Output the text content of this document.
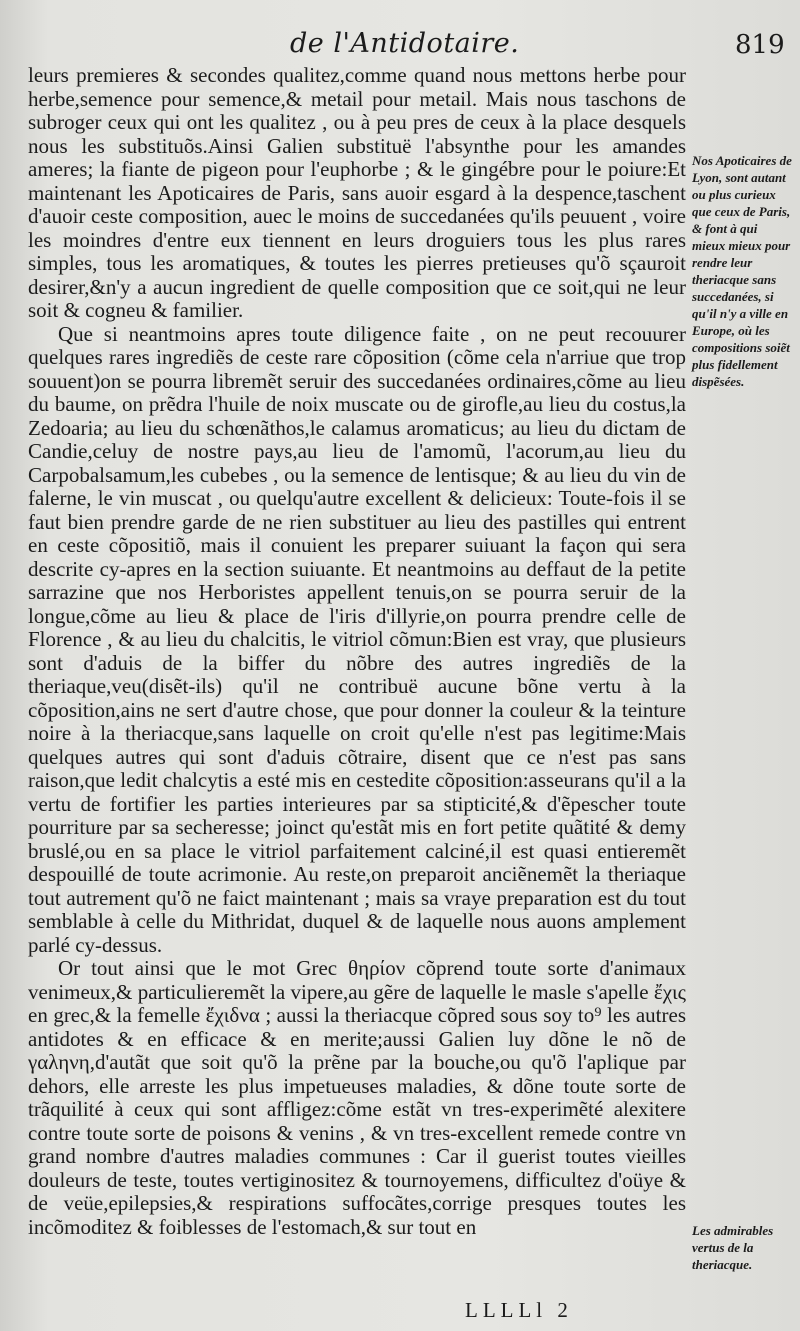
de l'Antidotaire.	819

leurs premieres & secondes qualitez,comme quand nous mettons herbe pour herbe,semence pour semence,& metail pour metail. Mais nous taschons de subroger ceux qui ont les qualitez , ou à peu pres de ceux à la place desquels nous les substituõs.Ainsi Galien substituë l'absynthe pour les amandes ameres; la fiante de pigeon pour l'euphorbe ; & le gingébre pour le poiure:Et maintenant les Apoticaires de Paris, sans auoir esgard à la despence,taschent d'auoir ceste composition, auec le moins de succedanées qu'ils peuuent , voire les moindres d'entre eux tiennent en leurs droguiers tous les plus rares simples, tous les aromatiques, & toutes les pierres pretieuses qu'õ sçauroit desirer,&n'y a aucun ingredient de quelle composition que ce soit,qui ne leur soit & cogneu & familier.

Que si neantmoins apres toute diligence faite , on ne peut recouurer quelques rares ingrediẽs de ceste rare cõposition (cõme cela n'arriue que trop souuent)on se pourra libremẽt seruir des succedanées ordinaires,cõme au lieu du baume, on prẽdra l'huile de noix muscate ou de girofle,au lieu du costus,la Zedoaria; au lieu du schœnãthos,le calamus aromaticus; au lieu du dictam de Candie,celuy de nostre pays,au lieu de l'amomũ, l'acorum,au lieu du Carpobalsamum,les cubebes , ou la semence de lentisque; & au lieu du vin de falerne, le vin muscat , ou quelqu'autre excellent & delicieux: Toute-fois il se faut bien prendre garde de ne rien substituer au lieu des pastilles qui entrent en ceste cõpositiõ, mais il conuient les preparer suiuant la façon qui sera descrite cy-apres en la section suiuante. Et neantmoins au deffaut de la petite sarrazine que nos Herboristes appellent tenuis,on se pourra seruir de la longue,cõme au lieu & place de l'iris d'illyrie,on pourra prendre celle de Florence , & au lieu du chalcitis, le vitriol cõmun:Bien est vray, que plusieurs sont d'aduis de la biffer du nõbre des autres ingrediẽs de la theriaque,veu(disẽt-ils) qu'il ne contribuë aucune bõne vertu à la cõposition,ains ne sert d'autre chose, que pour donner la couleur & la teinture noire à la theriacque,sans laquelle on croit qu'elle n'est pas legitime:Mais quelques autres qui sont d'aduis cõtraire, disent que ce n'est pas sans raison,que ledit chalcytis a esté mis en cestedite cõposition:asseurans qu'il a la vertu de fortifier les parties interieures par sa stipticité,& d'ẽpescher toute pourriture par sa secheresse; joinct qu'estãt mis en fort petite quãtité & demy bruslé,ou en sa place le vitriol parfaitement calciné,il est quasi entieremẽt despouillé de toute acrimonie. Au reste,on preparoit anciẽnemẽt la theriaque tout autrement qu'õ ne faict maintenant ; mais sa vraye preparation est du tout semblable à celle du Mithridat, duquel & de laquelle nous auons amplement parlé cy-dessus.

Or tout ainsi que le mot Grec θηρίον cõprend toute sorte d'animaux venimeux,& particulieremẽt la vipere,au gẽre de laquelle le masle s'apelle ἔχις en grec,& la femelle ἔχιδνα ; aussi la theriacque cõpred sous soy to⁹ les autres antidotes & en efficace & en merite;aussi Galien luy dõne le nõ de γαληνη,d'autãt que soit qu'õ la prẽne par la bouche,ou qu'õ l'aplique par dehors, elle arreste les plus impetueuses maladies, & dõne toute sorte de trãquilité à ceux qui sont affligez:cõme estãt vn tres-experimẽté alexitere contre toute sorte de poisons & venins , & vn tres-excellent remede contre vn grand nombre d'autres maladies communes : Car il guerist toutes vieilles douleurs de teste, toutes vertiginositez & tournoyemens, difficultez d'oüye & de veüe,epilepsies,& respirations suffocãtes,corrige presques toutes les incõmoditez & foiblesses de l'estomach,& sur tout en

Nos Apoticaires de Lyon, sont autant ou plus curieux que ceux de Paris, & font à qui mieux mieux pour rendre leur theriacque sans succedanées, si qu'il n'y a ville en Europe, où les compositions soiẽt plus fidellement dispẽsées.
Les admirables vertus de la theriacque.
LLLLl 2
